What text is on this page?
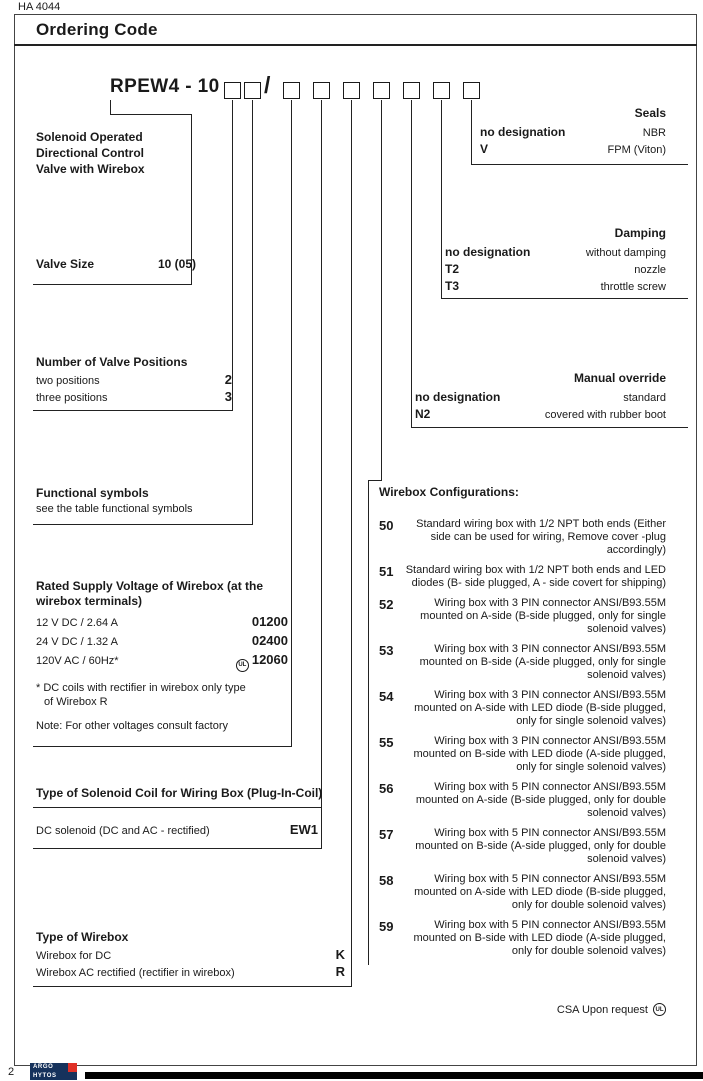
HA 4044
Ordering Code
RPEW4 - 10 /
Solenoid Operated
Directional Control
Valve with Wirebox
Valve Size	10 (05)
Number of Valve Positions
two positions	2
three positions	3
Functional symbols
see the table functional symbols
Rated Supply Voltage of Wirebox (at the
wirebox terminals)
12 V DC / 2.64 A	01200
24 V DC / 1.32 A	02400
120V AC / 60Hz*	UL 12060
* DC coils with rectifier in wirebox only type
of Wirebox R
Note: For other voltages consult factory
Type of Solenoid Coil for Wiring Box (Plug-In-Coil)
DC solenoid (DC and AC - rectified)	EW1
Type of Wirebox
Wirebox for DC	K
Wirebox AC rectified (rectifier in wirebox)	R
Seals
no designation	NBR
V	FPM (Viton)
Damping
no designation	without damping
T2	nozzle
T3	throttle screw
Manual override
no designation	standard
N2	covered with rubber boot
Wirebox Configurations:
50	Standard wiring box with 1/2 NPT both ends (Either side can be used for wiring, Remove cover -plug accordingly)
51 Standard wiring box with 1/2 NPT both ends and LED diodes (B- side plugged, A - side covert for shipping)
52	Wiring box with 3 PIN connector ANSI/B93.55M mounted on A-side (B-side plugged, only for single solenoid valves)
53	Wiring box with 3 PIN connector ANSI/B93.55M mounted on B-side (A-side plugged, only for single solenoid valves)
54	Wiring box with 3 PIN connector ANSI/B93.55M mounted on A-side with LED diode (B-side plugged, only for single solenoid valves)
55	Wiring box with 3 PIN connector ANSI/B93.55M mounted on B-side with LED diode (A-side plugged, only for single solenoid valves)
56	Wiring box with 5 PIN connector ANSI/B93.55M mounted on A-side (B-side plugged, only for double solenoid valves)
57	Wiring box with 5 PIN connector ANSI/B93.55M mounted on B-side (A-side plugged, only for double solenoid valves)
58	Wiring box with 5 PIN connector ANSI/B93.55M mounted on A-side with LED diode (B-side plugged, only for double solenoid valves)
59	Wiring box with 5 PIN connector ANSI/B93.55M mounted on B-side with LED diode (A-side plugged, only for double solenoid valves)
CSA Upon request	UL
2	ARGO
HYTOS
